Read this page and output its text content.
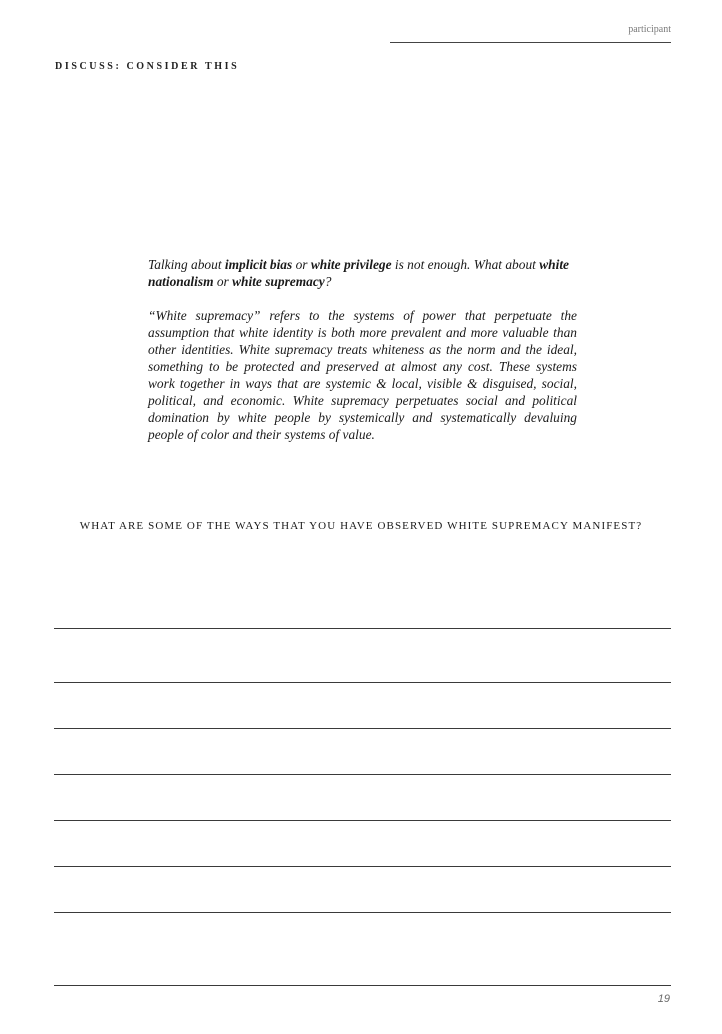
participant
DISCUSS: CONSIDER THIS

Talking about implicit bias or white privilege is not enough. What about white nationalism or white supremacy?

“White supremacy” refers to the systems of power that perpetuate the assumption that white identity is both more prevalent and more valuable than other identities. White supremacy treats whiteness as the norm and the ideal, something to be protected and preserved at almost any cost. These systems work together in ways that are systemic & local, visible & disguised, social, political, and economic. White supremacy perpetuates social and political domination by white people by systemically and systematically devaluing people of color and their systems of value.

WHAT ARE SOME OF THE WAYS THAT YOU HAVE OBSERVED WHITE SUPREMACY MANIFEST?
19
